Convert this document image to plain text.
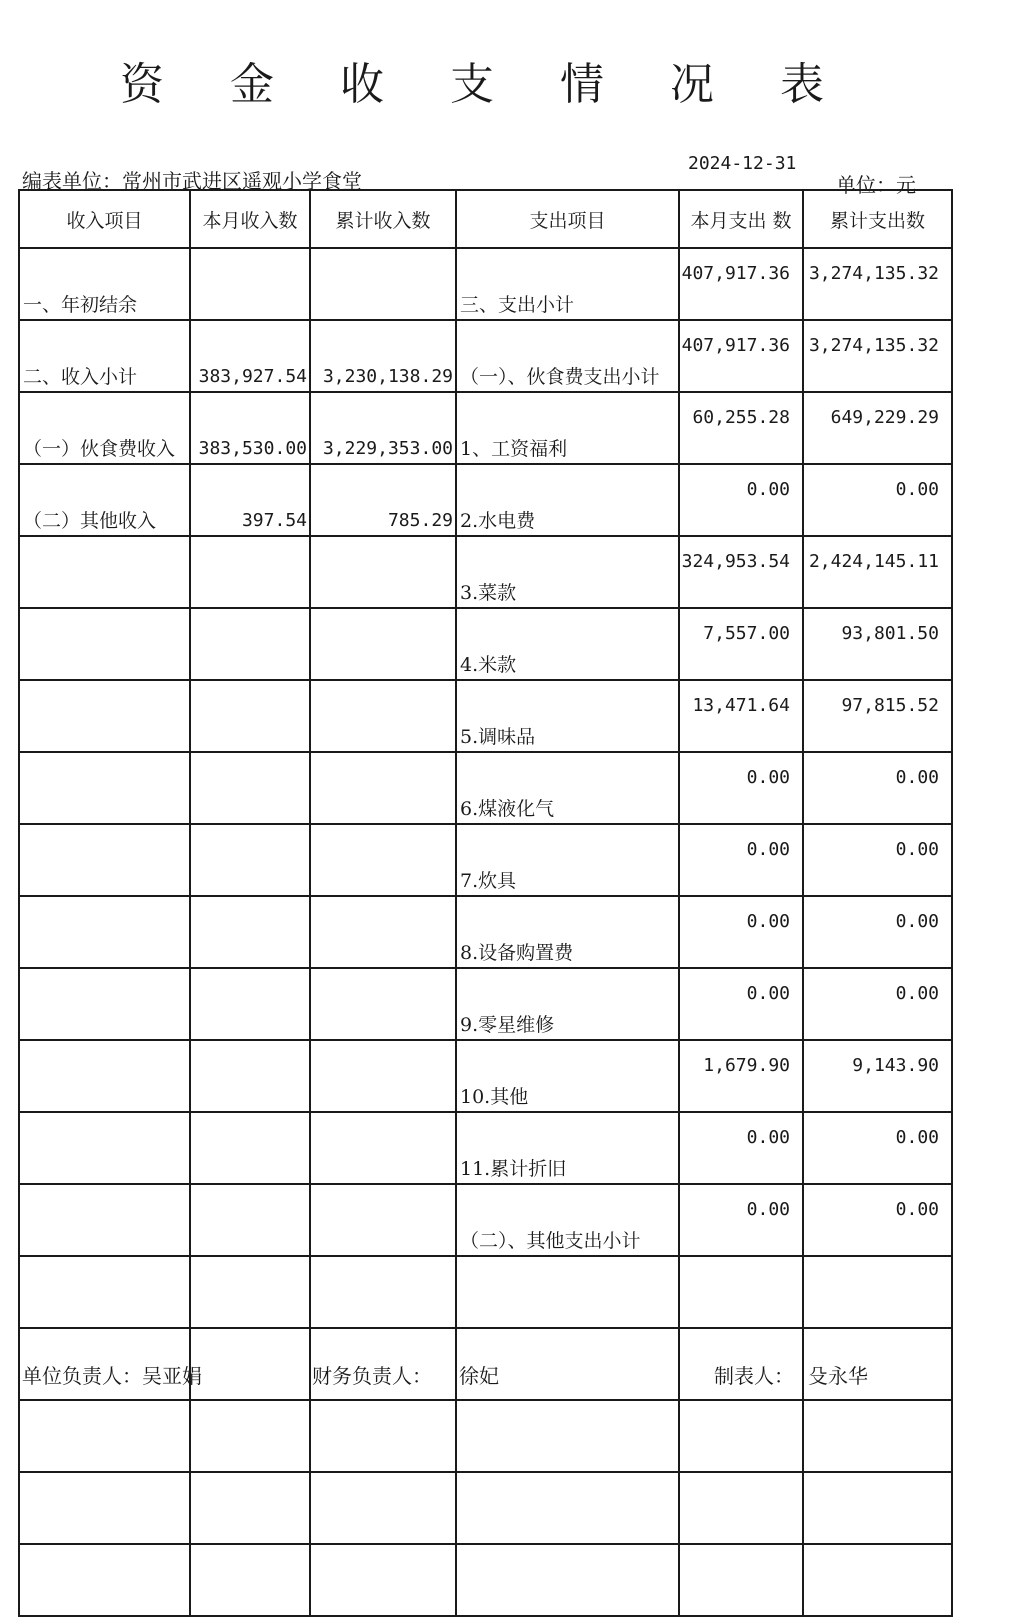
资 金 收 支 情 况 表
编表单位：常州市武进区遥观小学食堂
2024-12-31
单位：元
收入项目	本月收入数	累计收入数	支出项目	本月支出 数	累计支出数
一、年初结余			三、支出小计	407,917.36	3,274,135.32
二、收入小计	383,927.54	3,230,138.29	（一）、伙食费支出小计	407,917.36	3,274,135.32
（一）伙食费收入	383,530.00	3,229,353.00	1、工资福利	60,255.28	649,229.29
（二）其他收入	397.54	785.29	2.水电费	0.00	0.00
			3.菜款	324,953.54	2,424,145.11
			4.米款	7,557.00	93,801.50
			5.调味品	13,471.64	97,815.52
			6.煤液化气	0.00	0.00
			7.炊具	0.00	0.00
			8.设备购置费	0.00	0.00
			9.零星维修	0.00	0.00
			10.其他	1,679.90	9,143.90
			11.累计折旧	0.00	0.00
			（二）、其他支出小计	0.00	0.00

单位负责人：吴亚娟	财务负责人： 徐妃	制表人： 殳永华
